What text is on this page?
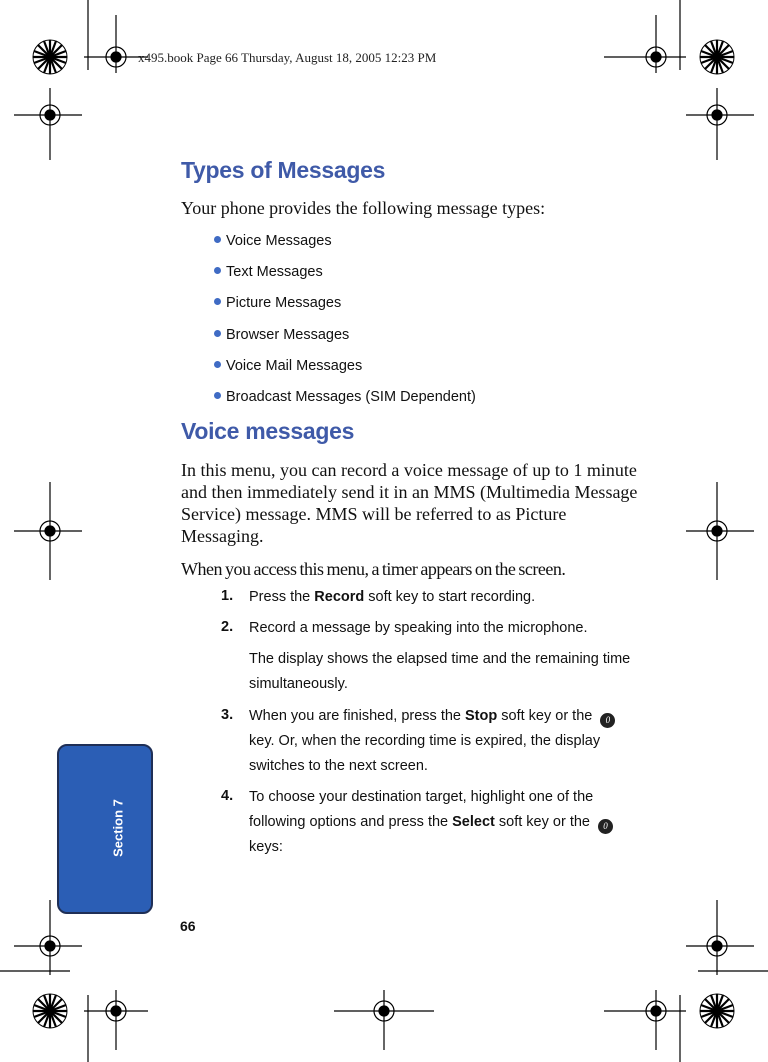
x495.book Page 66 Thursday, August 18, 2005 12:23 PM
Types of Messages
Your phone provides the following message types:
Voice Messages
Text Messages
Picture Messages
Browser Messages
Voice Mail Messages
Broadcast Messages (SIM Dependent)
Voice messages
In this menu, you can record a voice message of up to 1 minute and then immediately send it in an MMS (Multimedia Message Service) message. MMS will be referred to as Picture Messaging.
When you access this menu, a timer appears on the screen.
1. Press the Record soft key to start recording.
2. Record a message by speaking into the microphone.
The display shows the elapsed time and the remaining time simultaneously.
3. When you are finished, press the Stop soft key or the 0
key. Or, when the recording time is expired, the display switches to the next screen.
4. To choose your destination target, highlight one of the following options and press the Select soft key or the 0 keys:
Section 7
66
